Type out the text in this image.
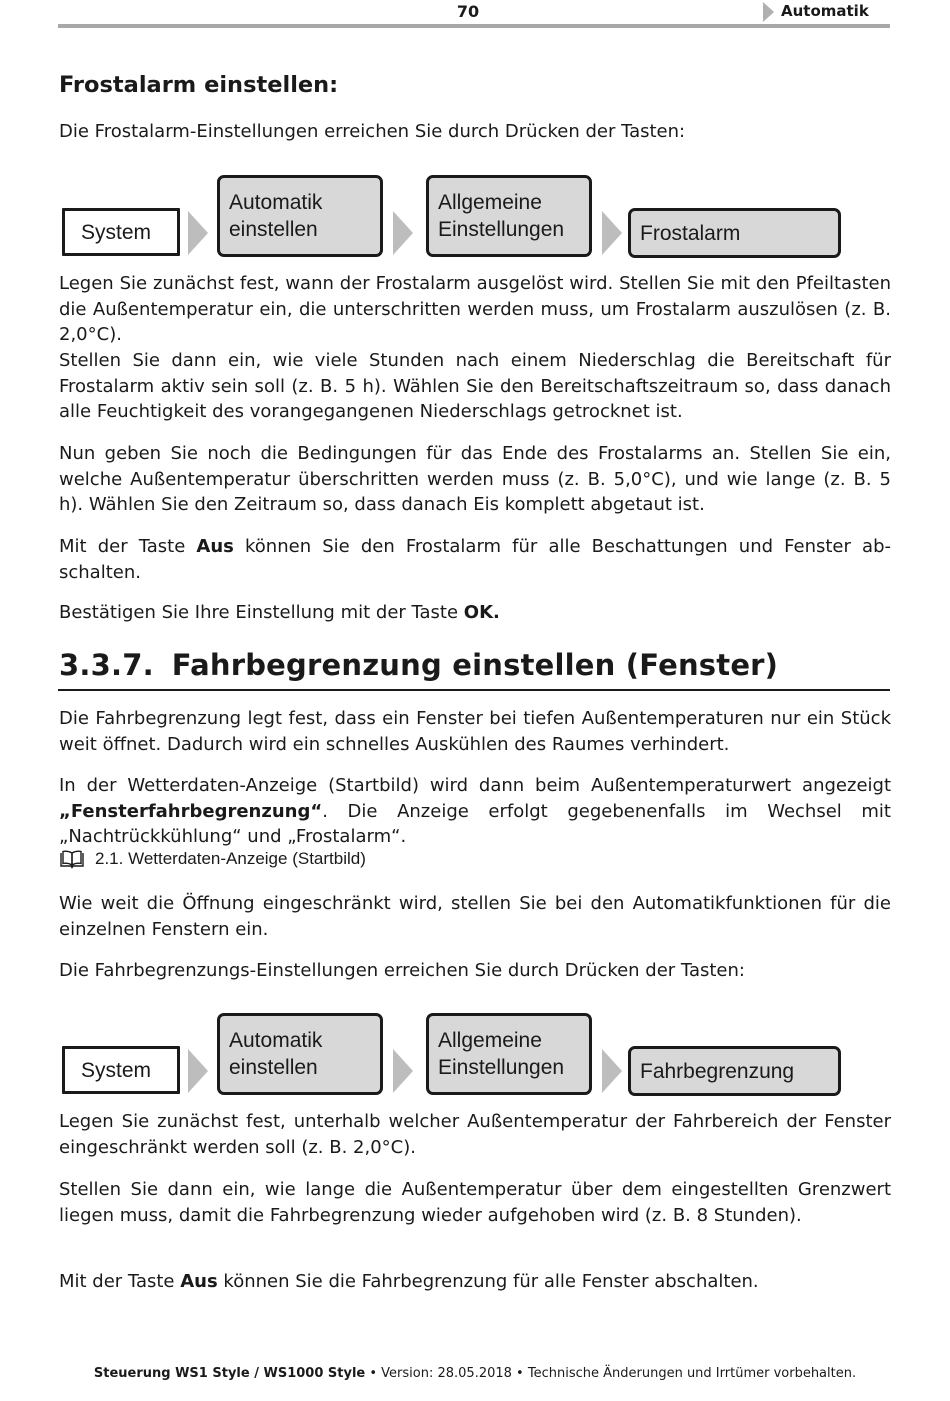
70	Automatik
Frostalarm einstellen:

Die Frostalarm-Einstellungen erreichen Sie durch Drücken der Tasten:

System
Automatik
einstellen
Allgemeine
Einstellungen	Frostalarm

Legen Sie zunächst fest, wann der Frostalarm ausgelöst wird. Stellen Sie mit den Pfeiltasten die Außentemperatur ein, die unterschritten werden muss, um Frostalarm auszulösen (z. B. 2,0°C).

Stellen Sie dann ein, wie viele Stunden nach einem Niederschlag die Bereitschaft für Frostalarm aktiv sein soll (z. B. 5 h). Wählen Sie den Bereitschaftszeitraum so, dass danach alle Feuchtigkeit des vorangegangenen Niederschlags getrocknet ist.

Nun geben Sie noch die Bedingungen für das Ende des Frostalarms an. Stellen Sie ein, welche Außentemperatur überschritten werden muss (z. B. 5,0°C), und wie lange (z. B. 5 h). Wählen Sie den Zeitraum so, dass danach Eis komplett abgetaut ist.

Mit der Taste Aus können Sie den Frostalarm für alle Beschattungen und Fenster abschalten.

Bestätigen Sie Ihre Einstellung mit der Taste OK.

3.3.7. Fahrbegrenzung einstellen (Fenster)

Die Fahrbegrenzung legt fest, dass ein Fenster bei tiefen Außentemperaturen nur ein Stück weit öffnet. Dadurch wird ein schnelles Auskühlen des Raumes verhindert.

In der Wetterdaten-Anzeige (Startbild) wird dann beim Außentemperaturwert angezeigt „Fensterfahrbegrenzung“. Die Anzeige erfolgt gegebenenfalls im Wechsel mit „Nachtrückkühlung“ und „Frostalarm“.

2.1. Wetterdaten-Anzeige (Startbild)

Wie weit die Öffnung eingeschränkt wird, stellen Sie bei den Automatikfunktionen für die einzelnen Fenstern ein.

Die Fahrbegrenzungs-Einstellungen erreichen Sie durch Drücken der Tasten:

System
Automatik
einstellen
Allgemeine
Einstellungen	Fahrbegrenzung

Legen Sie zunächst fest, unterhalb welcher Außentemperatur der Fahrbereich der Fenster eingeschränkt werden soll (z. B. 2,0°C).

Stellen Sie dann ein, wie lange die Außentemperatur über dem eingestellten Grenzwert liegen muss, damit die Fahrbegrenzung wieder aufgehoben wird (z. B. 8 Stunden).

Mit der Taste Aus können Sie die Fahrbegrenzung für alle Fenster abschalten.

Steuerung WS1 Style / WS1000 Style • Version: 28.05.2018 • Technische Änderungen und Irrtümer vorbehalten.
